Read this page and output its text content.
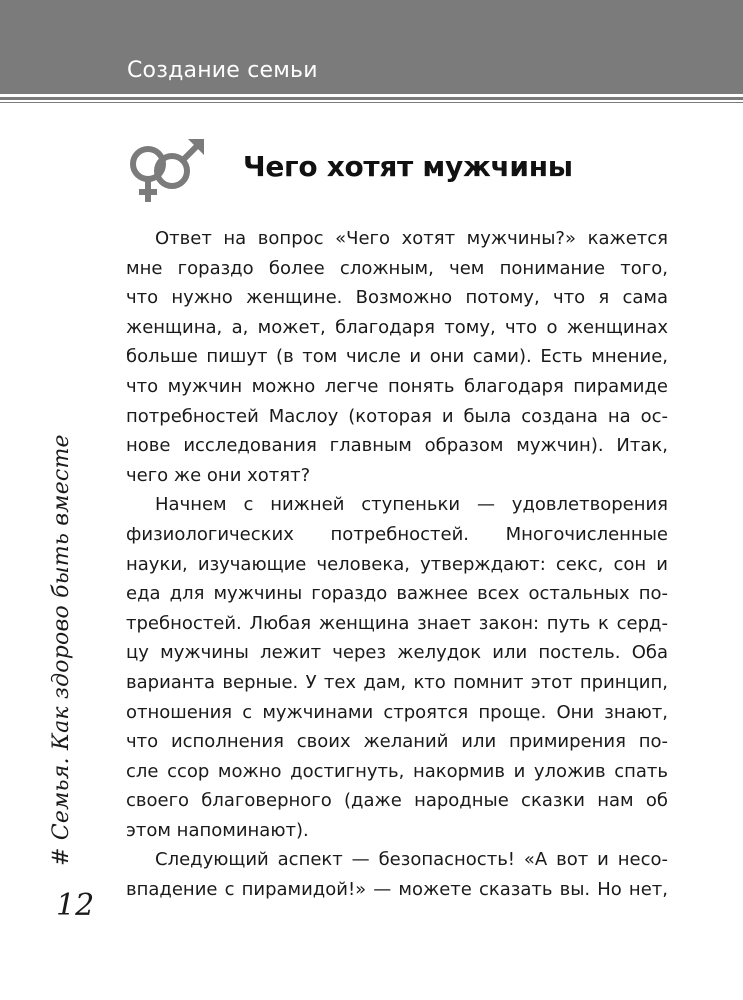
Создание семьи
Чего хотят мужчины
Ответ на вопрос «Чего хотят мужчины?» кажется
мне гораздо более сложным, чем понимание того,
что нужно женщине. Возможно потому, что я сама
женщина, а, может, благодаря тому, что о женщинах
больше пишут (в том числе и они сами). Есть мнение,
что мужчин можно легче понять благодаря пирамиде
потребностей Маслоу (которая и была создана на ос-
нове исследования главным образом мужчин). Итак,
чего же они хотят?
Начнем с нижней ступеньки — удовлетворения
физиологических потребностей. Многочисленные
науки, изучающие человека, утверждают: секс, сон и
еда для мужчины гораздо важнее всех остальных по-
требностей. Любая женщина знает закон: путь к серд-
цу мужчины лежит через желудок или постель. Оба
варианта верные. У тех дам, кто помнит этот принцип,
отношения с мужчинами строятся проще. Они знают,
что исполнения своих желаний или примирения по-
сле ссор можно достигнуть, накормив и уложив спать
своего благоверного (даже народные сказки нам об
этом напоминают).
Следующий аспект — безопасность! «А вот и несо-
впадение с пирамидой!» — можете сказать вы. Но нет,
# Семья. Как здорово быть вместе
12
